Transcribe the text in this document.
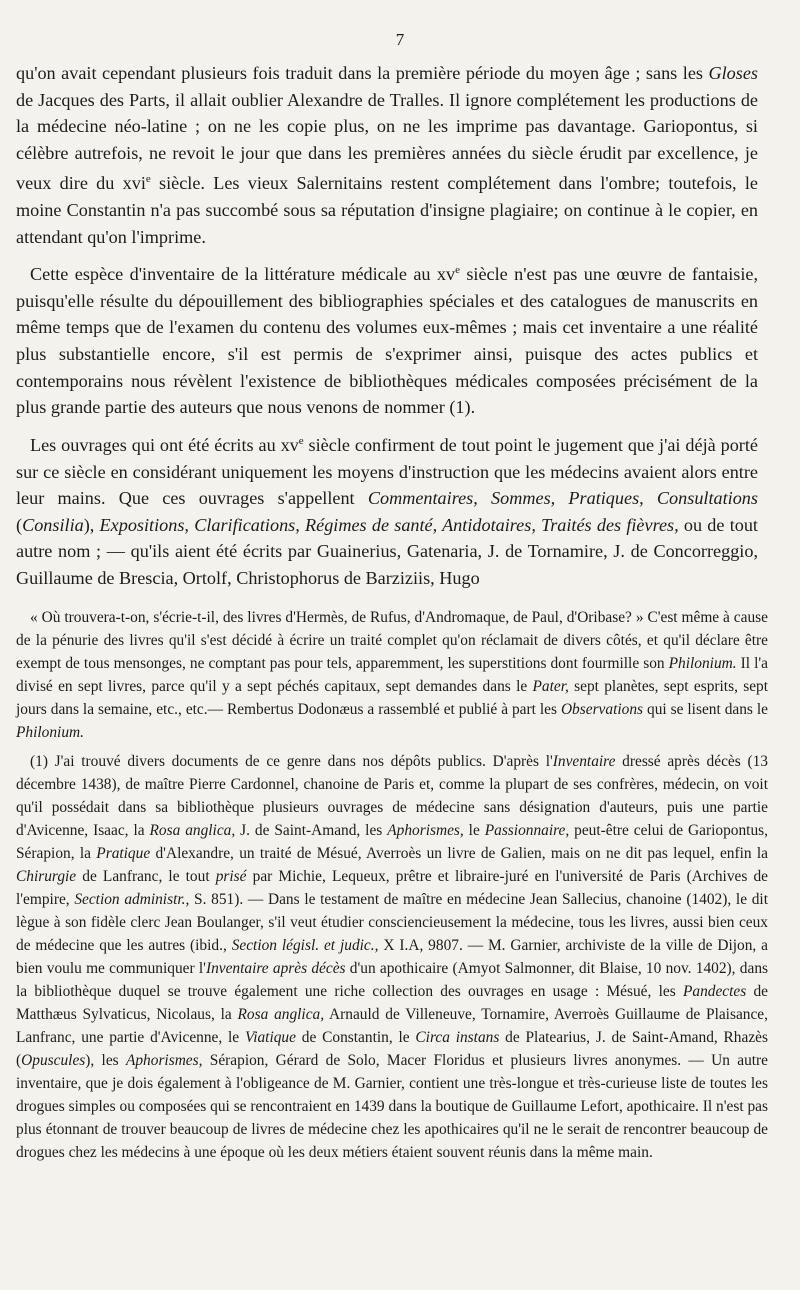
7

qu'on avait cependant plusieurs fois traduit dans la première période du moyen âge ; sans les Gloses de Jacques des Parts, il allait oublier Alexandre de Tralles. Il ignore complétement les productions de la médecine néo-latine ; on ne les copie plus, on ne les imprime pas davantage. Gariopontus, si célèbre autrefois, ne revoit le jour que dans les premières années du siècle érudit par excellence, je veux dire du xvi$^e$ siècle. Les vieux Salernitains restent complétement dans l'ombre; toutefois, le moine Constantin n'a pas succombé sous sa réputation d'insigne plagiaire; on continue à le copier, en attendant qu'on l'imprime.

Cette espèce d'inventaire de la littérature médicale au $xv^e$ siècle n'est pas une œuvre de fantaisie, puisqu'elle résulte du dépouillement des bibliographies spéciales et des catalogues de manuscrits en même temps que de l'examen du contenu des volumes eux-mêmes ; mais cet inventaire a une réalité plus substantielle encore, s'il est permis de s'exprimer ainsi, puisque des actes publics et contemporains nous révèlent l'existence de bibliothèques médicales composées précisément de la plus grande partie des auteurs que nous venons de nommer (1).

Les ouvrages qui ont été écrits au $xv^e$ siècle confirment de tout point le jugement que j'ai déjà porté sur ce siècle en considérant uniquement les moyens d'instruction que les médecins avaient alors entre leur mains. Que ces ouvrages s'appellent Commentaires, Sommes, Pratiques, Consultations (Consilia), Expositions, Clarifications, Régimes de santé, Antidotaires, Traités des fièvres, ou de tout autre nom ; — qu'ils aient été écrits par Guainerius, Gatenaria, J. de Tornamire, J. de Concorreggio, Guillaume de Brescia, Ortolf, Christophorus de Barziziis, Hugo

« Où trouvera-t-on, s'écrie-t-il, des livres d'Hermès, de Rufus, d'Andromaque, de Paul, d'Oribase? » C'est même à cause de la pénurie des livres qu'il s'est décidé à écrire un traité complet qu'on réclamait de divers côtés, et qu'il déclare être exempt de tous mensonges, ne comptant pas pour tels, apparemment, les superstitions dont fourmille son Philonium. Il l'a divisé en sept livres, parce qu'il y a sept péchés capitaux, sept demandes dans le Pater, sept planètes, sept esprits, sept jours dans la semaine, etc., etc.— Rembertus Dodonæus a rassemblé et publié à part les Observations qui se lisent dans le Philonium.

(1) J'ai trouvé divers documents de ce genre dans nos dépôts publics. D'après l'Inventaire dressé après décès (13 décembre 1438), de maître Pierre Cardonnel, chanoine de Paris et, comme la plupart de ses confrères, médecin, on voit qu'il possédait dans sa bibliothèque plusieurs ouvrages de médecine sans désignation d'auteurs, puis une partie d'Avicenne, Isaac, la Rosa anglica, J. de Saint-Amand, les Aphorismes, le Passionnaire, peut-être celui de Gariopontus, Sérapion, la Pratique d'Alexandre, un traité de Mésué, Averroès un livre de Galien, mais on ne dit pas lequel, enfin la Chirurgie de Lanfranc, le tout prisé par Michie, Lequeux, prêtre et libraire-juré en l'université de Paris (Archives de l'empire, Section administr., S. 851). — Dans le testament de maître en médecine Jean Sallecius, chanoine (1402), le dit lègue à son fidèle clerc Jean Boulanger, s'il veut étudier consciencieusement la médecine, tous les livres, aussi bien ceux de médecine que les autres (ibid., Section législ. et judic., X I.A, 9807. — M. Garnier, archiviste de la ville de Dijon, a bien voulu me communiquer l'Inventaire après décès d'un apothicaire (Amyot Salmonner, dit Blaise, 10 nov. 1402), dans la bibliothèque duquel se trouve également une riche collection des ouvrages en usage : Mésué, les Pandectes de Matthæus Sylvaticus, Nicolaus, la Rosa anglica, Arnauld de Villeneuve, Tornamire, Averroès Guillaume de Plaisance, Lanfranc, une partie d'Avicenne, le Viatique de Constantin, le Circa instans de Platearius, J. de Saint-Amand, Rhazès (Opuscules), les Aphorismes, Sérapion, Gérard de Solo, Macer Floridus et plusieurs livres anonymes. — Un autre inventaire, que je dois également à l'obligeance de M. Garnier, contient une très-longue et très-curieuse liste de toutes les drogues simples ou composées qui se rencontraient en 1439 dans la boutique de Guillaume Lefort, apothicaire. Il n'est pas plus étonnant de trouver beaucoup de livres de médecine chez les apothicaires qu'il ne le serait de rencontrer beaucoup de drogues chez les médecins à une époque où les deux métiers étaient souvent réunis dans la même main.
